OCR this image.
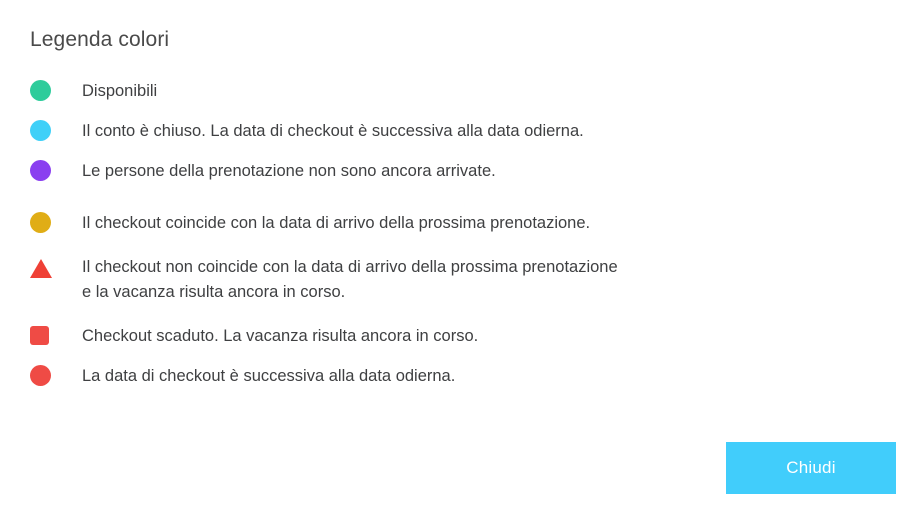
Legenda colori
Disponibili
Il conto è chiuso. La data di checkout è successiva alla data odierna.
Le persone della prenotazione non sono ancora arrivate.
Il checkout coincide con la data di arrivo della prossima prenotazione.
Il checkout non coincide con la data di arrivo della prossima prenotazione
e la vacanza risulta ancora in corso.
Checkout scaduto. La vacanza risulta ancora in corso.
La data di checkout è successiva alla data odierna.
Chiudi
